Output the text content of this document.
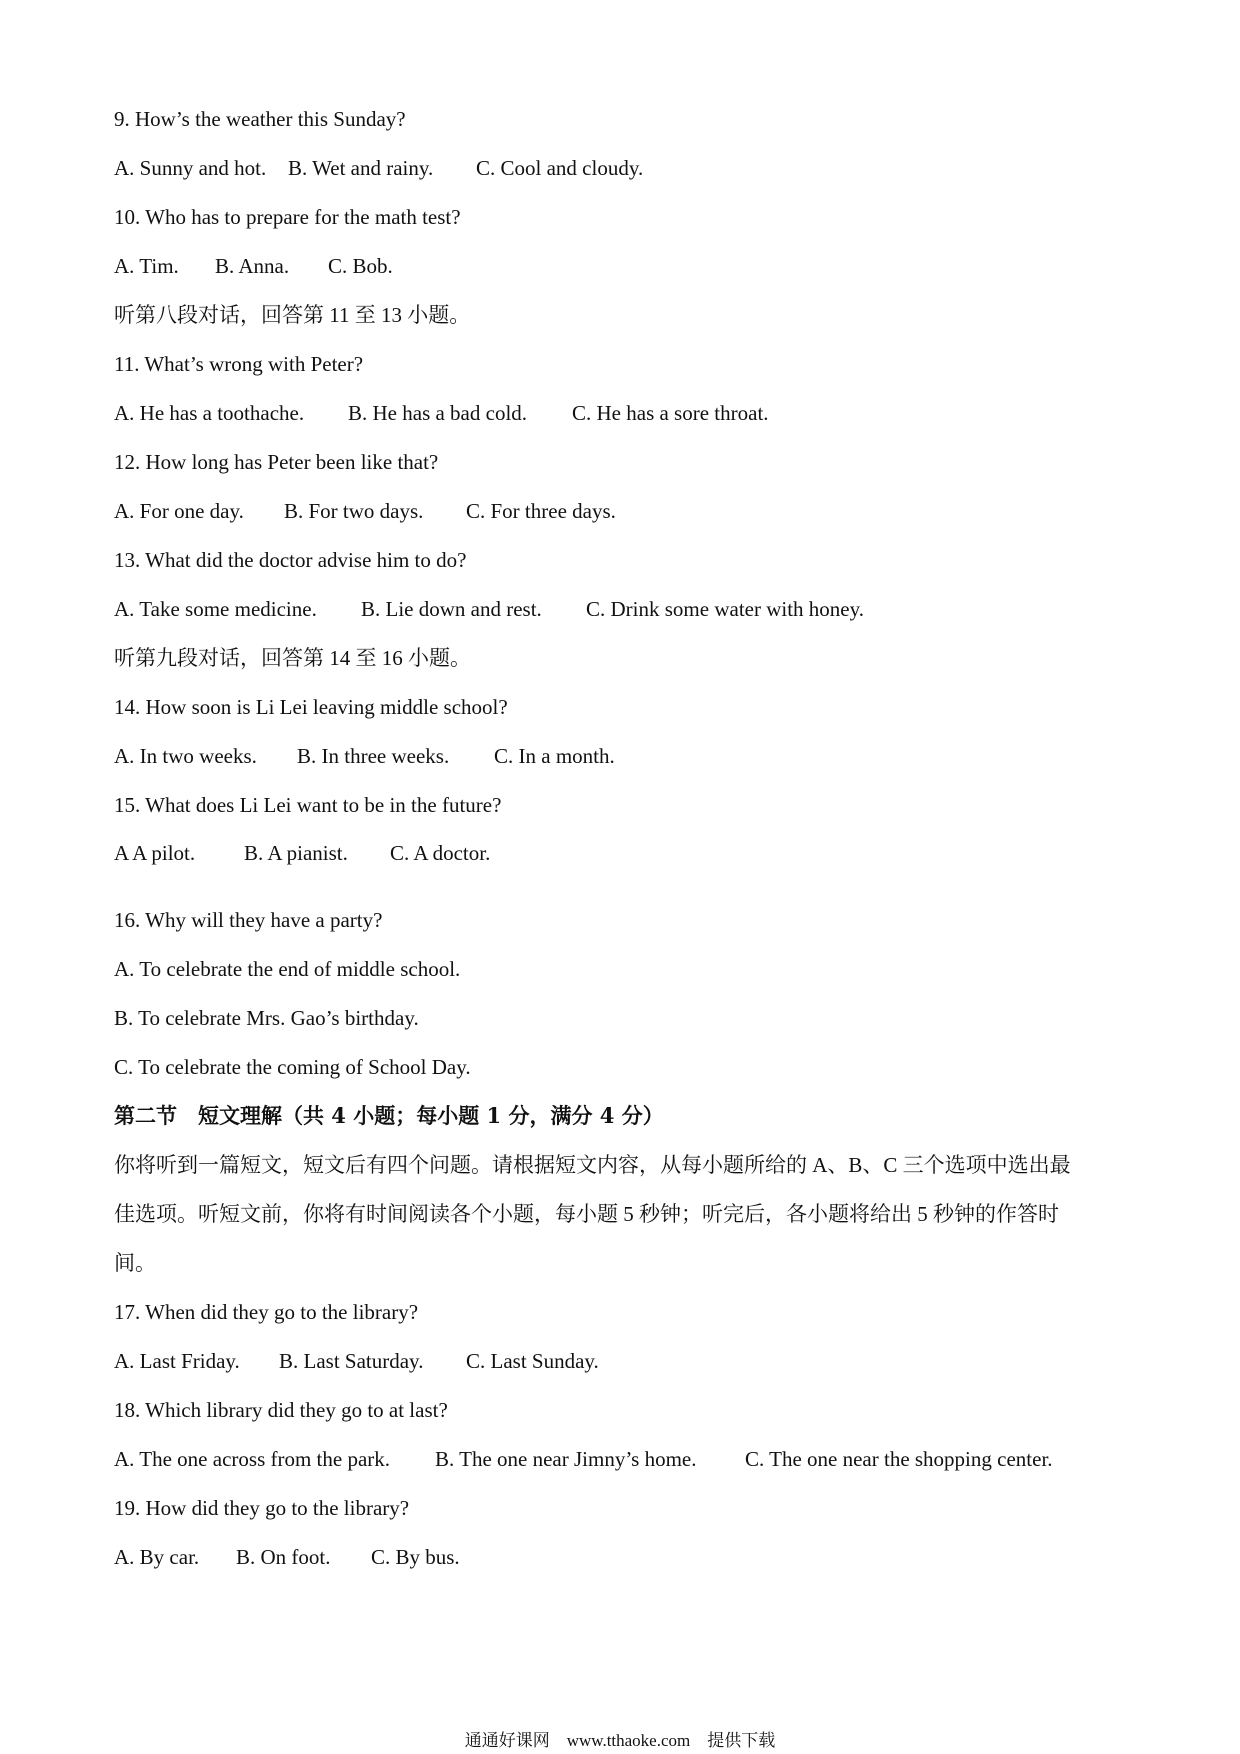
9. How’s the weather this Sunday?
A. Sunny and hot. B. Wet and rainy. C. Cool and cloudy.
10. Who has to prepare for the math test?
A. Tim. B. Anna. C. Bob.
听第八段对话，回答第 11 至 13 小题。
11. What’s wrong with Peter?
A. He has a toothache. B. He has a bad cold. C. He has a sore throat.
12. How long has Peter been like that?
A. For one day. B. For two days. C. For three days.
13. What did the doctor advise him to do?
A. Take some medicine. B. Lie down and rest. C. Drink some water with honey.
听第九段对话，回答第 14 至 16 小题。
14. How soon is Li Lei leaving middle school?
A. In two weeks. B. In three weeks. C. In a month.
15. What does Li Lei want to be in the future?
A A pilot. B. A pianist. C. A doctor.
16. Why will they have a party?
A. To celebrate the end of middle school.
B. To celebrate Mrs. Gao’s birthday.
C. To celebrate the coming of School Day.
第二节　短文理解（共 4 小题；每小题 1 分，满分 4 分）
你将听到一篇短文，短文后有四个问题。请根据短文内容，从每小题所给的 A、B、C 三个选项中选出最
佳选项。听短文前，你将有时间阅读各个小题，每小题 5 秒钟；听完后，各小题将给出 5 秒钟的作答时
间。
17. When did they go to the library?
A. Last Friday. B. Last Saturday. C. Last Sunday.
18. Which library did they go to at last?
A. The one across from the park. B. The one near Jimny’s home. C. The one near the shopping center.
19. How did they go to the library?
A. By car. B. On foot. C. By bus.
通通好课网　www.tthaoke.com　提供下载
